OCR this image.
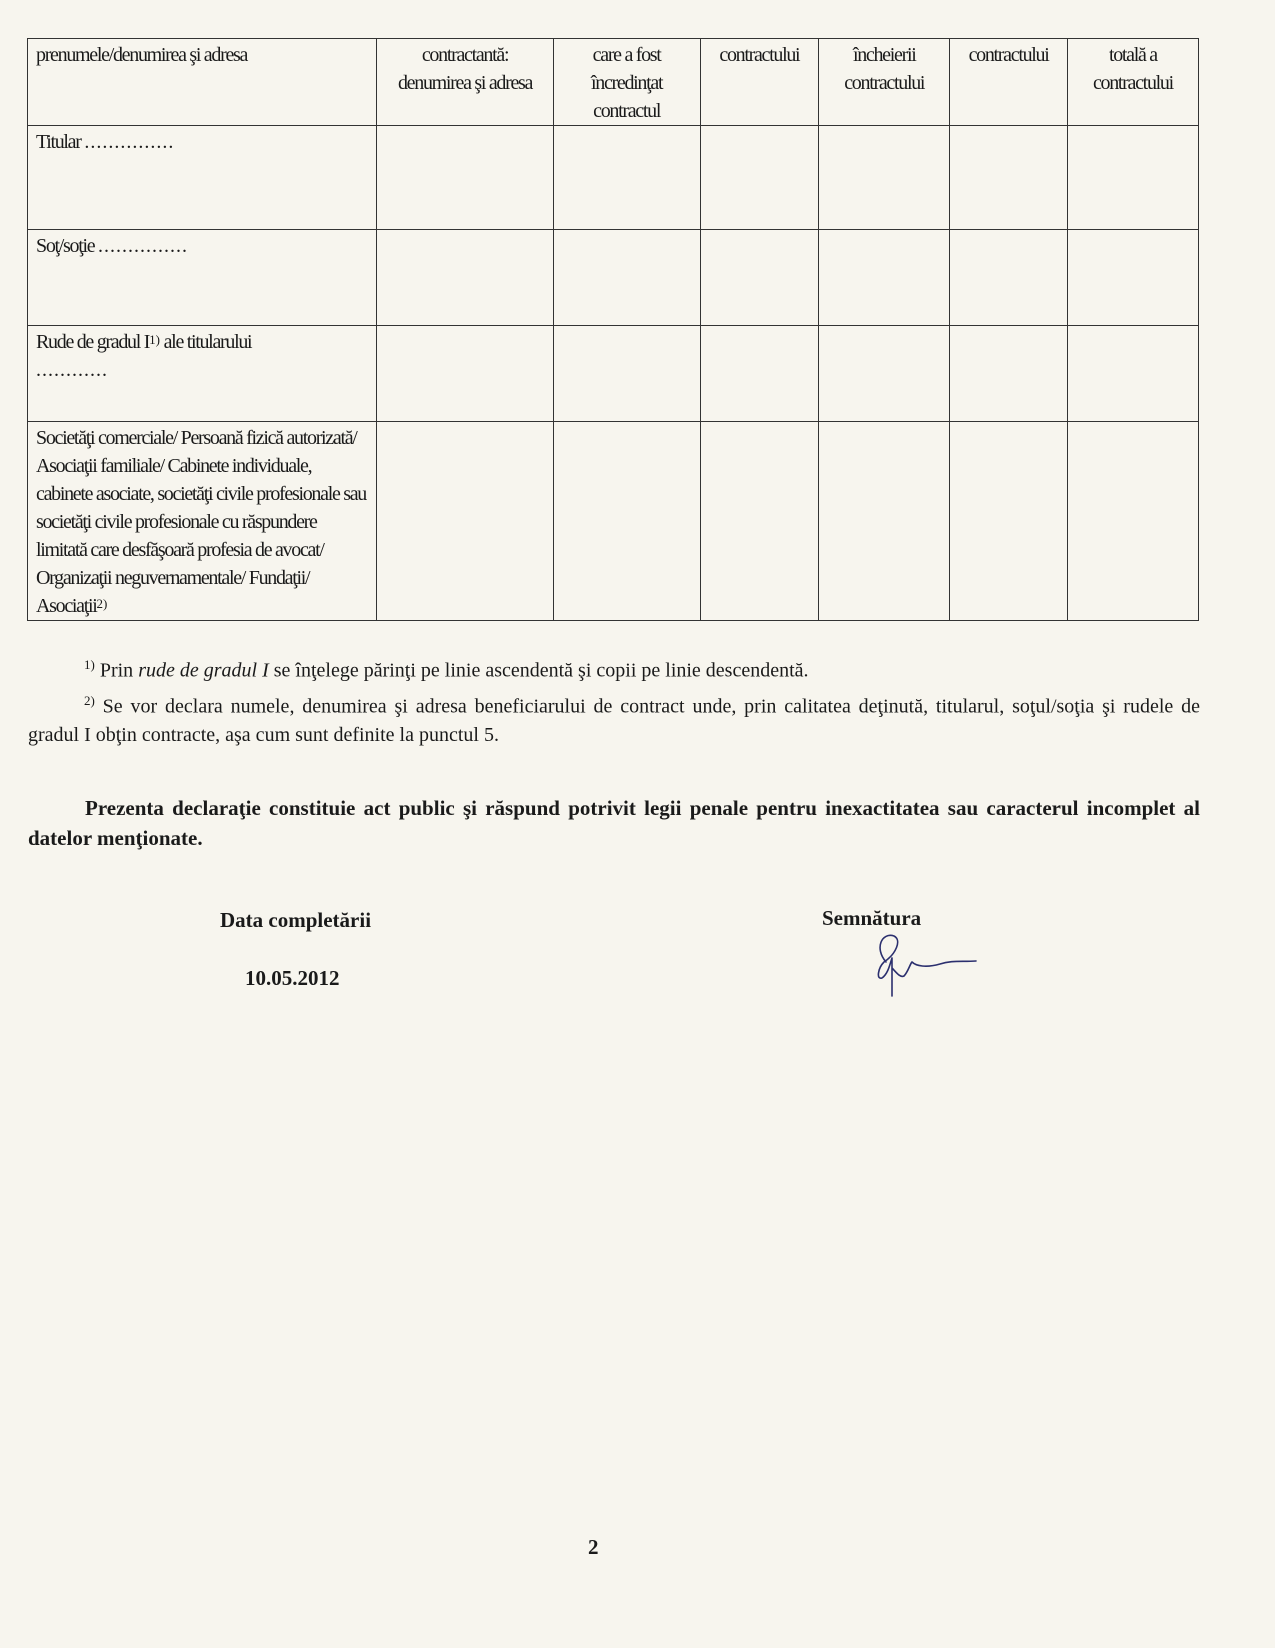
prenumele/denumirea şi adresa	contractantă: denumirea şi adresa	care a fost încredinţat contractul	contractului	încheierii contractului	contractului	totală a contractului
Titular ...............						
Soţ/soţie ...............						
Rude de gradul I$^{1)}$ ale titularului
............						
Societăţi comerciale/ Persoană fizică autorizată/ Asociaţii familiale/ Cabinete individuale, cabinete asociate, societăţi civile profesionale sau societăţi civile profesionale cu răspundere limitată care desfăşoară profesia de avocat/ Organizaţii neguvernamentale/ Fundaţii/ Asociaţii$^{2)}$						

$^{1)}$ Prin rude de gradul I se înţelege părinţi pe linie ascendentă şi copii pe linie descendentă.

$^{2)}$ Se vor declara numele, denumirea şi adresa beneficiarului de contract unde, prin calitatea deţinută, titularul, soţul/soţia şi rudele de gradul I obţin contracte, aşa cum sunt definite la punctul 5.

Prezenta declaraţie constituie act public şi răspund potrivit legii penale pentru inexactitatea sau caracterul incomplet al datelor menţionate.
Data completării
10.05.2012
Semnătura
2
